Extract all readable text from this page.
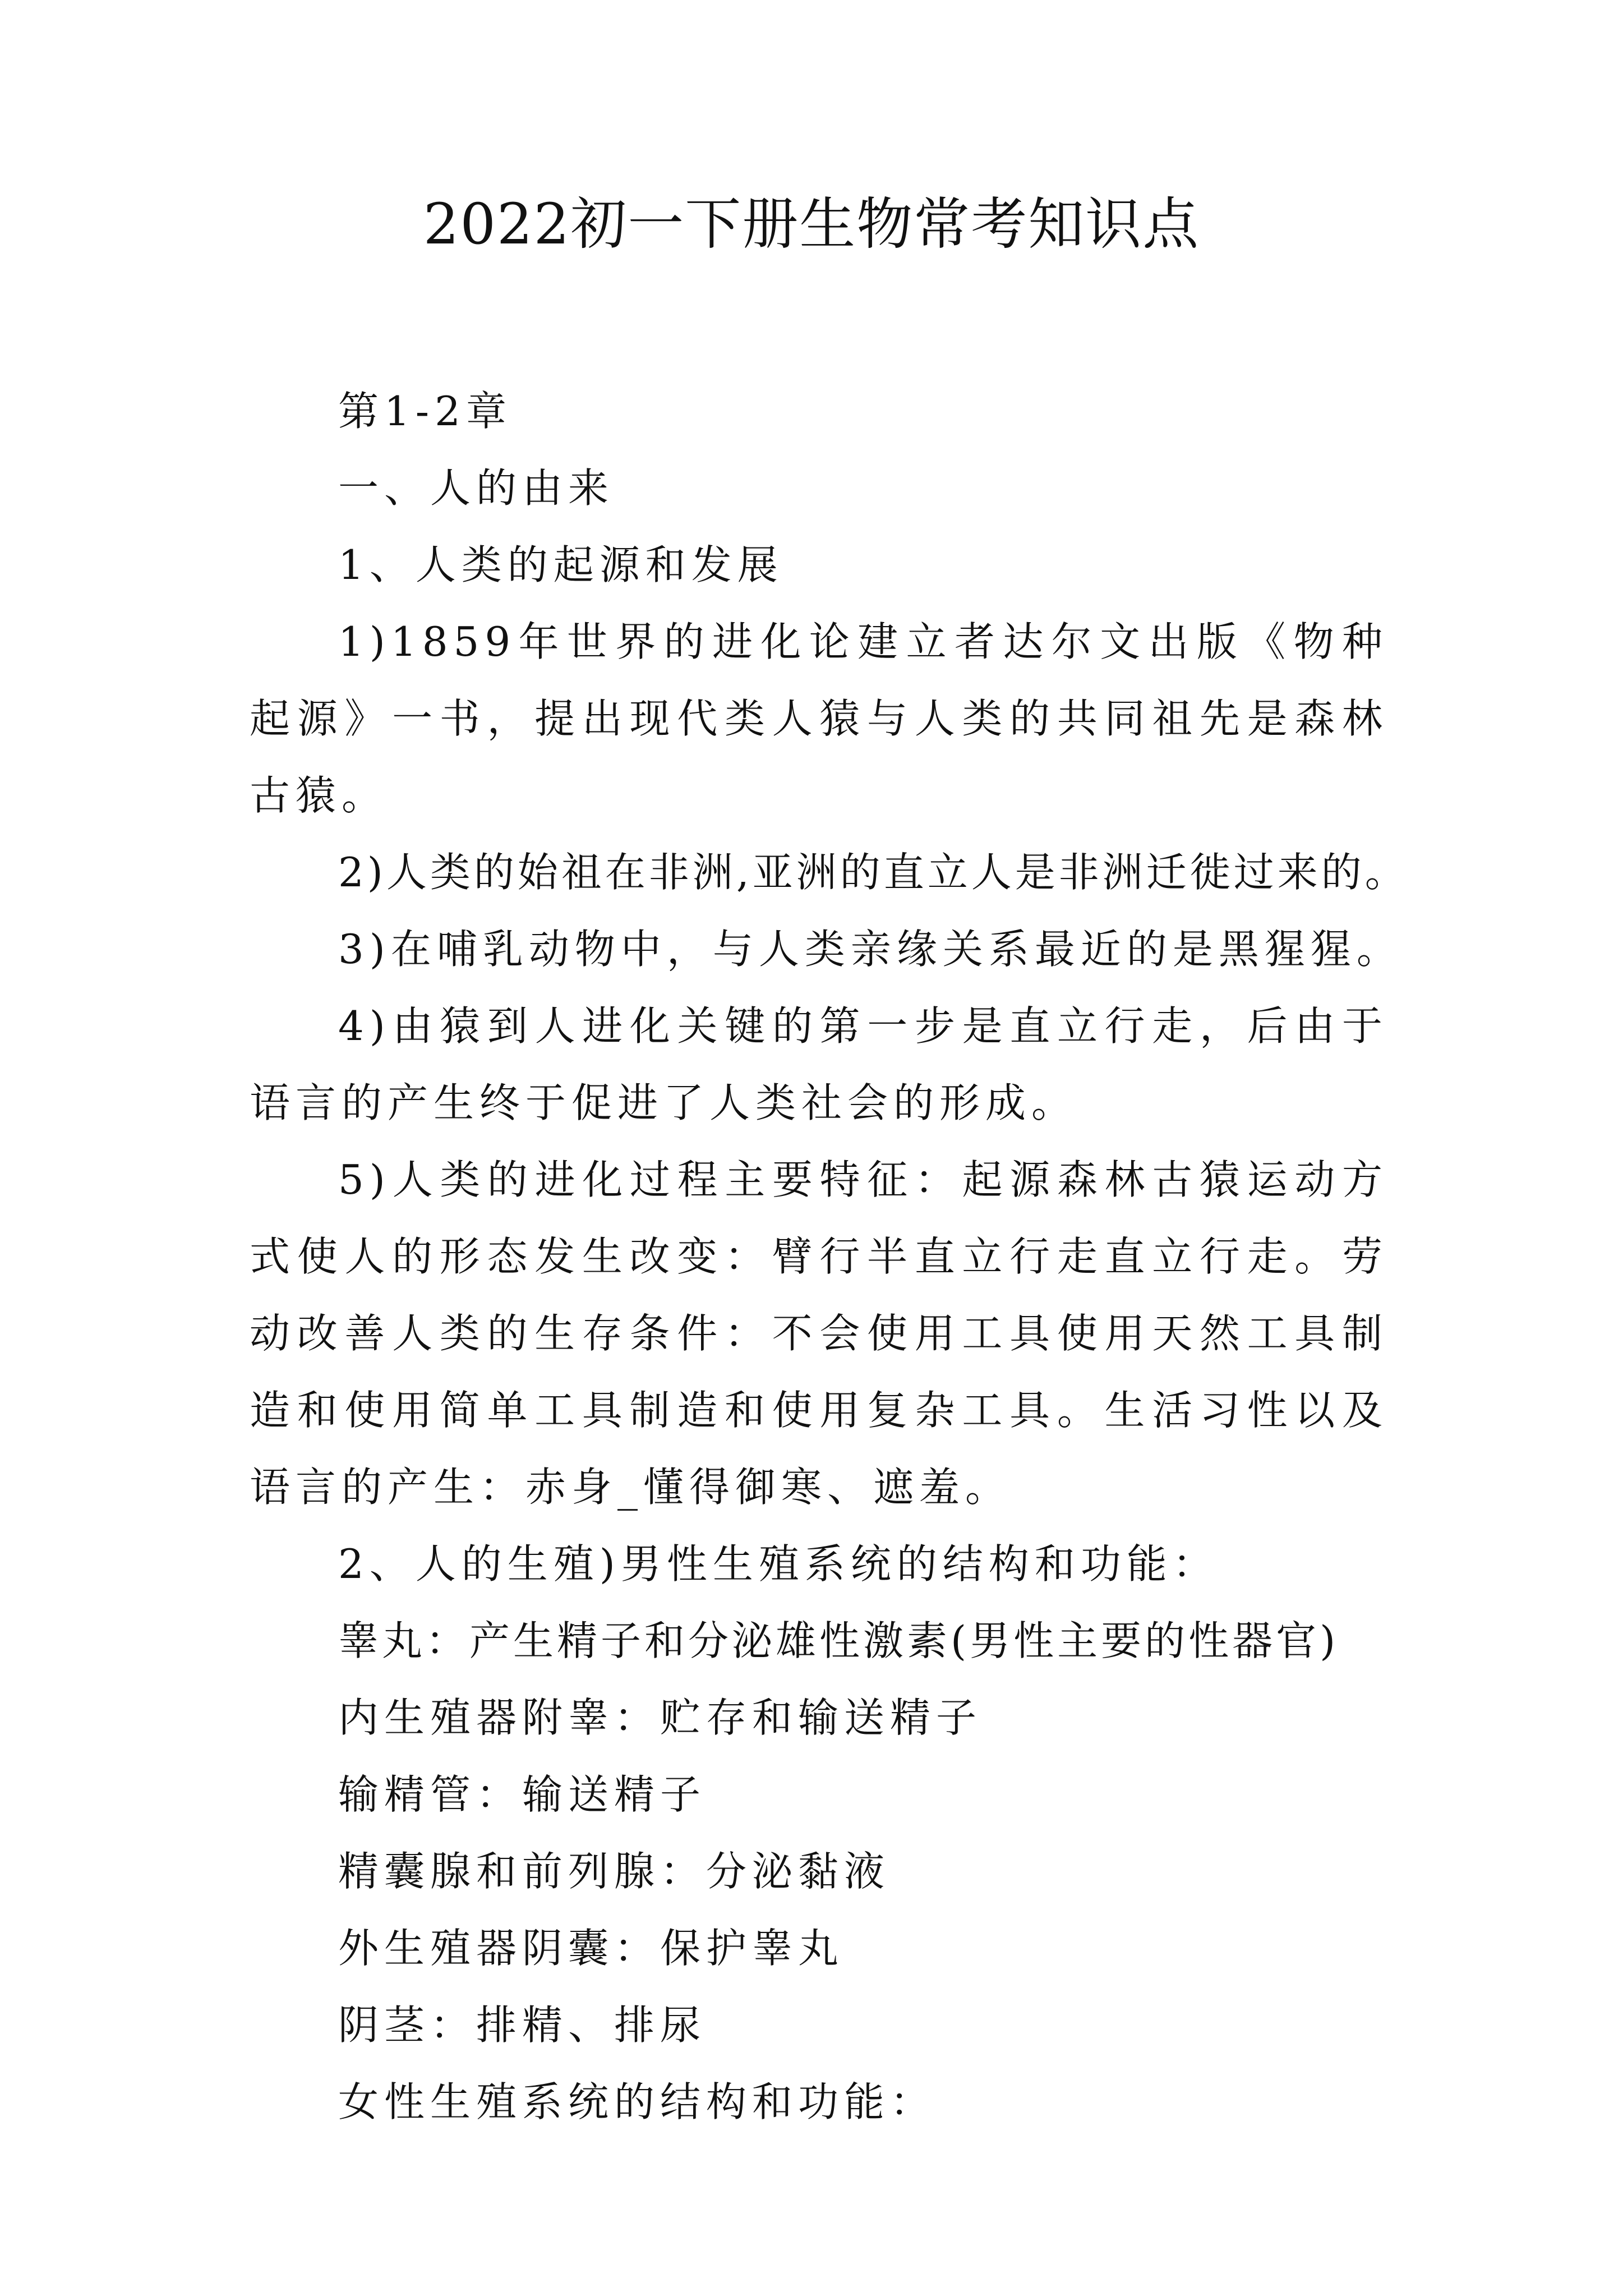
2022初一下册生物常考知识点

第1-2章

一、人的由来

1、人类的起源和发展

1)1859年世界的进化论建立者达尔文出版《物种起源》一书，提出现代类人猿与人类的共同祖先是森林古猿。

2)人类的始祖在非洲,亚洲的直立人是非洲迁徙过来的。

3)在哺乳动物中，与人类亲缘关系最近的是黑猩猩。

4)由猿到人进化关键的第一步是直立行走，后由于语言的产生终于促进了人类社会的形成。

5)人类的进化过程主要特征：起源森林古猿运动方式使人的形态发生改变：臂行半直立行走直立行走。劳动改善人类的生存条件：不会使用工具使用天然工具制造和使用简单工具制造和使用复杂工具。生活习性以及语言的产生：赤身_懂得御寒、遮羞。

2、人的生殖)男性生殖系统的结构和功能：

睾丸：产生精子和分泌雄性激素(男性主要的性器官)

内生殖器附睾：贮存和输送精子

输精管：输送精子

精囊腺和前列腺：分泌黏液

外生殖器阴囊：保护睾丸

阴茎：排精、排尿

女性生殖系统的结构和功能：
